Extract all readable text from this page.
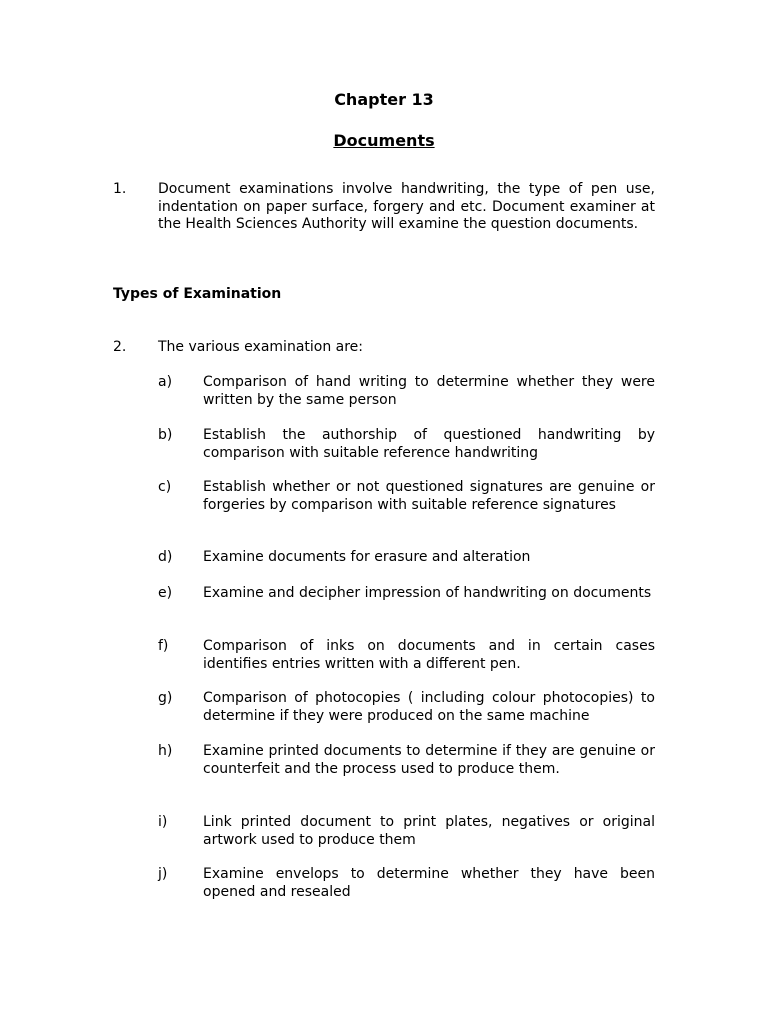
Chapter 13
Documents
1. Document examinations involve handwriting, the type of pen use, indentation on paper surface, forgery and etc. Document examiner at the Health Sciences Authority will examine the question documents.
Types of Examination
2. The various examination are:
a) Comparison of hand writing to determine whether they were written by the same person
b) Establish the authorship of questioned handwriting by comparison with suitable reference handwriting
c) Establish whether or not questioned signatures are genuine or forgeries by comparison with suitable reference signatures
d) Examine documents for erasure and alteration
e) Examine and decipher impression of handwriting on documents
f) Comparison of inks on documents and in certain cases identifies entries written with a different pen.
g) Comparison of photocopies ( including colour photocopies) to determine if they were produced on the same machine
h) Examine printed documents to determine if they are genuine or counterfeit and the process used to produce them.
i)	Link printed document to print plates, negatives or original artwork used to produce them
j)	Examine envelops to determine whether they have been opened and resealed
